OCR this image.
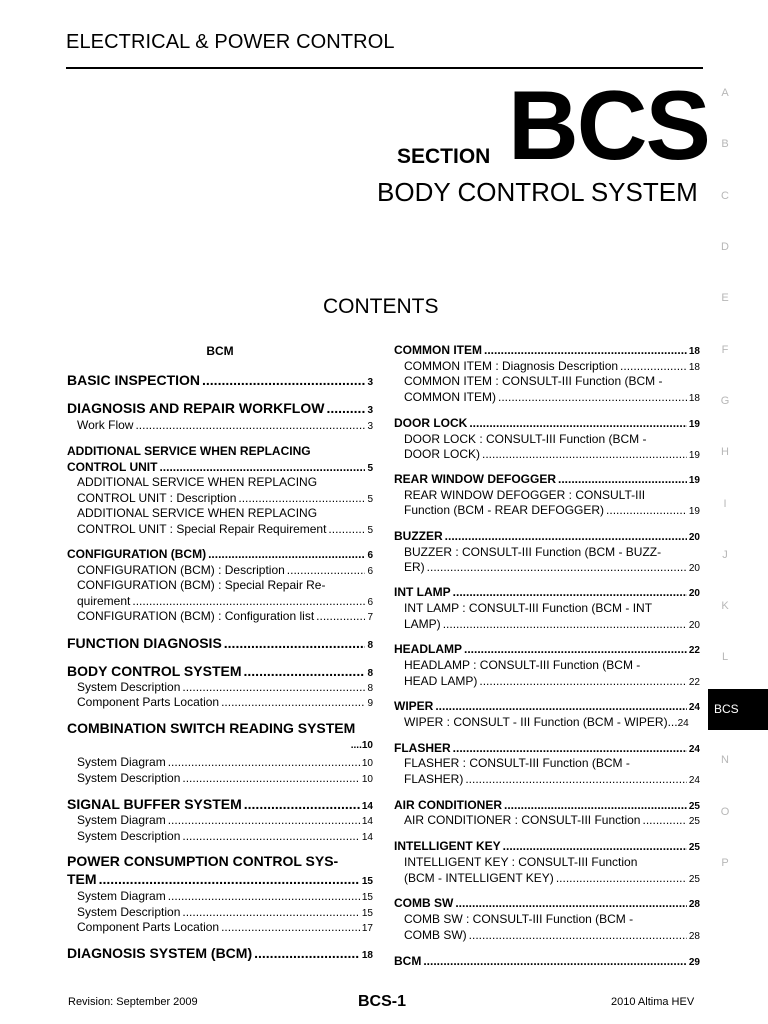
ELECTRICAL & POWER CONTROL
SECTION BCS
BODY CONTROL SYSTEM
CONTENTS
A
B
C
D
E
F
G
H
I
J
K
L
BCS
N
O
P
BCM
BASIC INSPECTION .....	3
DIAGNOSIS AND REPAIR WORKFLOW .....	3
Work Flow .....	3
ADDITIONAL SERVICE WHEN REPLACING
CONTROL UNIT .....	5
ADDITIONAL SERVICE WHEN REPLACING
CONTROL UNIT : Description .....	5
ADDITIONAL SERVICE WHEN REPLACING
CONTROL UNIT : Special Repair Requirement .....	5
CONFIGURATION (BCM) .....	6
CONFIGURATION (BCM) : Description .....	6
CONFIGURATION (BCM) : Special Repair Re-
quirement .....	6
CONFIGURATION (BCM) : Configuration list .....	7
FUNCTION DIAGNOSIS .....	8
BODY CONTROL SYSTEM .....	8
System Description .....	8
Component Parts Location .....	9
COMBINATION SWITCH READING SYSTEM
.... 10
System Diagram .....	10
System Description .....	10
SIGNAL BUFFER SYSTEM .....	14
System Diagram .....	14
System Description .....	14
POWER CONSUMPTION CONTROL SYS-
TEM .....	15
System Diagram .....	15
System Description .....	15
Component Parts Location .....	17
DIAGNOSIS SYSTEM (BCM) .....	18
COMMON ITEM .....	18
COMMON ITEM : Diagnosis Description .....	18
COMMON ITEM : CONSULT-III Function (BCM -
COMMON ITEM) .....	18
DOOR LOCK .....	19
DOOR LOCK : CONSULT-III Function (BCM -
DOOR LOCK) .....	19
REAR WINDOW DEFOGGER .....	19
REAR WINDOW DEFOGGER : CONSULT-III
Function (BCM - REAR DEFOGGER) .....	19
BUZZER .....	20
BUZZER : CONSULT-III Function (BCM - BUZZ-
ER) .....	20
INT LAMP .....	20
INT LAMP : CONSULT-III Function (BCM - INT
LAMP) .....	20
HEADLAMP .....	22
HEADLAMP : CONSULT-III Function (BCM -
HEAD LAMP) .....	22
WIPER .....	24
WIPER : CONSULT - III Function (BCM - WIPER)... 24
FLASHER .....	24
FLASHER : CONSULT-III Function (BCM -
FLASHER) .....	24
AIR CONDITIONER .....	25
AIR CONDITIONER : CONSULT-III Function .....	25
INTELLIGENT KEY .....	25
INTELLIGENT KEY : CONSULT-III Function
(BCM - INTELLIGENT KEY) .....	25
COMB SW .....	28
COMB SW : CONSULT-III Function (BCM -
COMB SW) .....	28
BCM .....	29
Revision: September 2009	BCS-1	2010 Altima HEV
